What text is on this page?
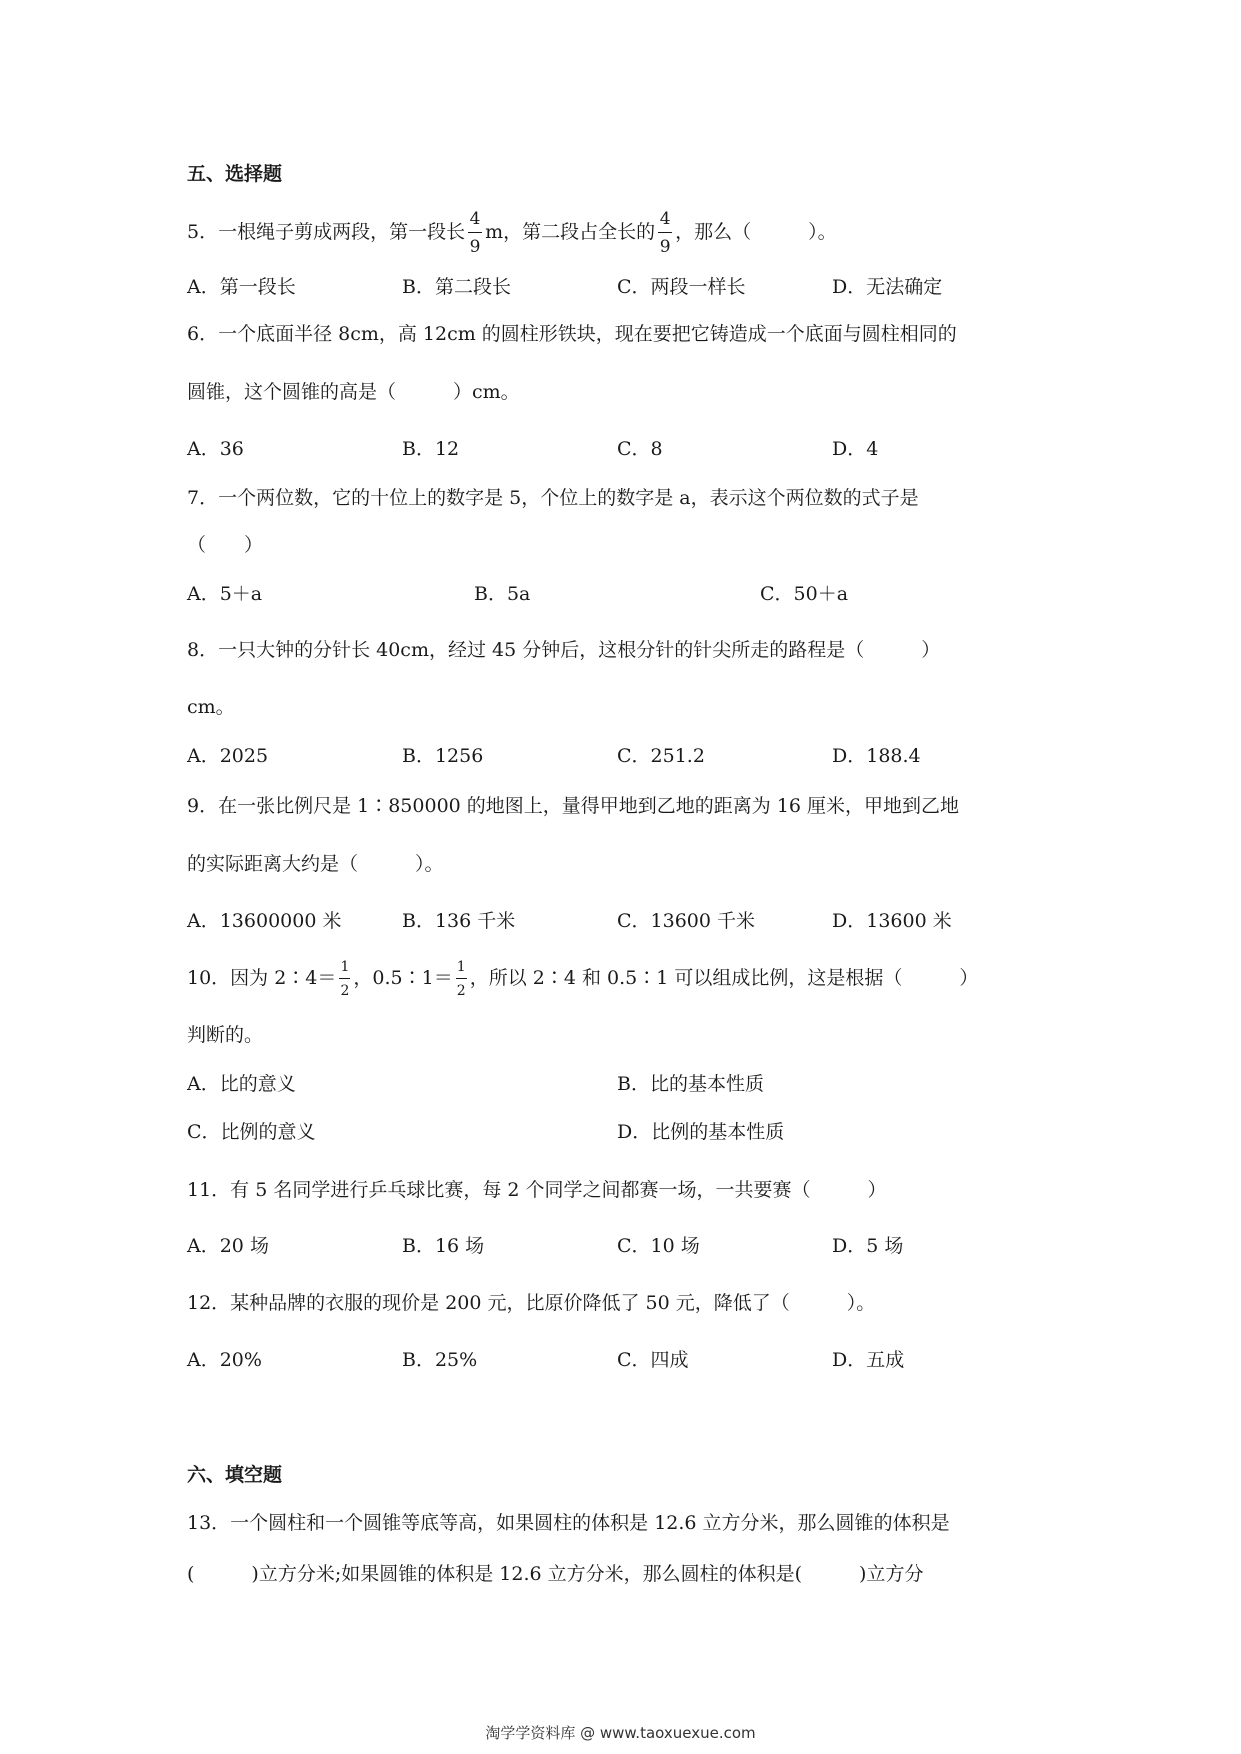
五、选择题
5．一根绳子剪成两段，第一段长 $\frac{4}{9}$ m，第二段占全长的 $\frac{4}{9}$ ，那么（　　　）。
A．第一段长	B．第二段长	C．两段一样长	D．无法确定
6．一个底面半径 8cm，高 12cm 的圆柱形铁块，现在要把它铸造成一个底面与圆柱相同的
圆锥，这个圆锥的高是（　　　）cm。
A．36	B．12	C．8	D．4
7．一个两位数，它的十位上的数字是 5，个位上的数字是 a，表示这个两位数的式子是
（　　）
A．5＋a	B．5a	C．50＋a
8．一只大钟的分针长 40cm，经过 45 分钟后，这根分针的针尖所走的路程是（　　　）
cm。
A．2025	B．1256	C．251.2	D．188.4
9．在一张比例尺是 1∶850000 的地图上，量得甲地到乙地的距离为 16 厘米，甲地到乙地
的实际距离大约是（　　　）。
A．13600000 米	B．136 千米	C．13600 千米	D．13600 米
10．因为 2∶4＝ $\frac{1}{2}$ ，0.5∶1＝ $\frac{1}{2}$ ，所以 2∶4 和 0.5∶1 可以组成比例，这是根据（　　　）
判断的。
A．比的意义	B．比的基本性质
C．比例的意义	D．比例的基本性质
11．有 5 名同学进行乒乓球比赛，每 2 个同学之间都赛一场，一共要赛（　　　）
A．20 场	B．16 场	C．10 场	D．5 场
12．某种品牌的衣服的现价是 200 元，比原价降低了 50 元，降低了（　　　）。
A．20%	B．25%	C．四成	D．五成
六、填空题
13．一个圆柱和一个圆锥等底等高，如果圆柱的体积是 12.6 立方分米，那么圆锥的体积是
(　　　)立方分米;如果圆锥的体积是 12.6 立方分米，那么圆柱的体积是(　　　)立方分
淘学学资料库 @ www.taoxuexue.com
